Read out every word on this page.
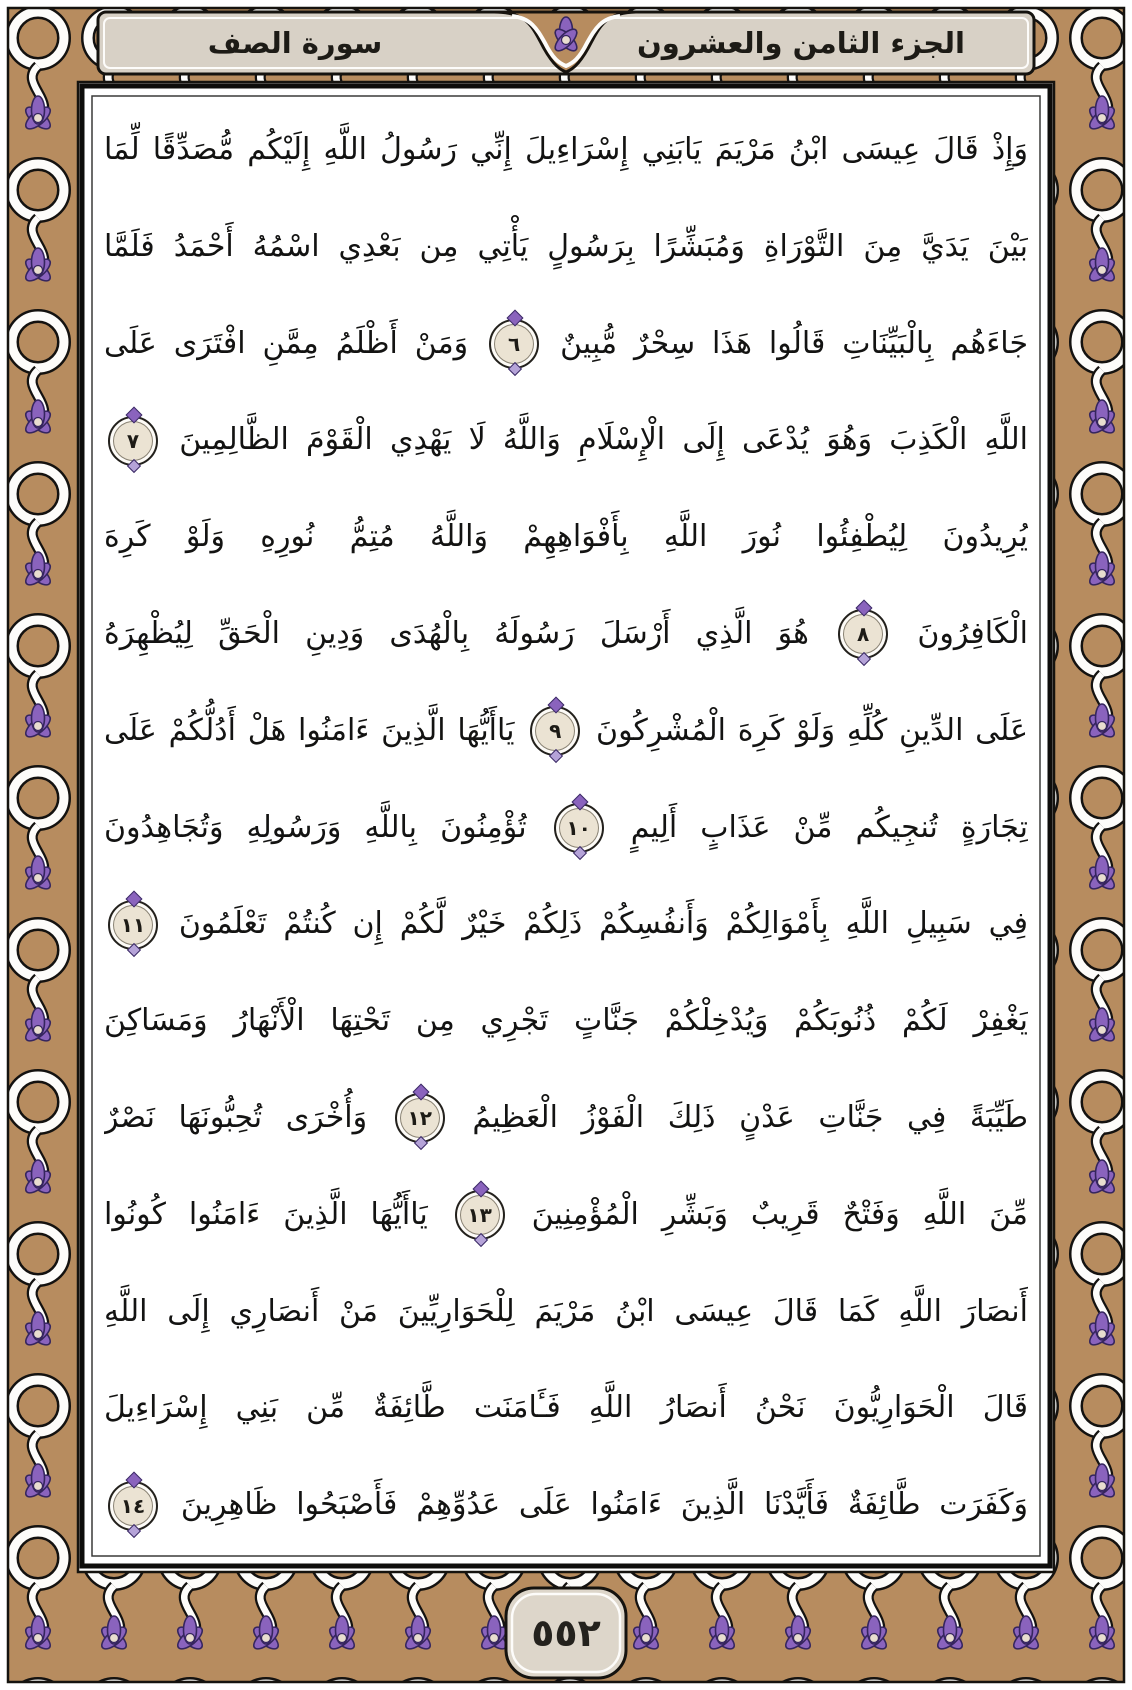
الجزء الثامن والعشرون
سورة الصف
وَإِذْ قَالَ عِيسَى ابْنُ مَرْيَمَ يَابَنِي إِسْرَاءِيلَ إِنِّي رَسُولُ اللَّهِ إِلَيْكُم مُّصَدِّقًا لِّمَا
بَيْنَ يَدَيَّ مِنَ التَّوْرَاةِ وَمُبَشِّرًا بِرَسُولٍ يَأْتِي مِن بَعْدِي اسْمُهُ أَحْمَدُ فَلَمَّا
جَاءَهُم بِالْبَيِّنَاتِ قَالُوا هَذَا سِحْرٌ مُّبِينٌ ٦ وَمَنْ أَظْلَمُ مِمَّنِ افْتَرَى عَلَى
اللَّهِ الْكَذِبَ وَهُوَ يُدْعَى إِلَى الْإِسْلَامِ وَاللَّهُ لَا يَهْدِي الْقَوْمَ الظَّالِمِينَ ٧
يُرِيدُونَ لِيُطْفِئُوا نُورَ اللَّهِ بِأَفْوَاهِهِمْ وَاللَّهُ مُتِمُّ نُورِهِ وَلَوْ كَرِهَ
الْكَافِرُونَ ٨ هُوَ الَّذِي أَرْسَلَ رَسُولَهُ بِالْهُدَى وَدِينِ الْحَقِّ لِيُظْهِرَهُ
عَلَى الدِّينِ كُلِّهِ وَلَوْ كَرِهَ الْمُشْرِكُونَ ٩ يَاأَيُّهَا الَّذِينَ ءَامَنُوا هَلْ أَدُلُّكُمْ عَلَى
تِجَارَةٍ تُنجِيكُم مِّنْ عَذَابٍ أَلِيمٍ ١٠ تُؤْمِنُونَ بِاللَّهِ وَرَسُولِهِ وَتُجَاهِدُونَ
فِي سَبِيلِ اللَّهِ بِأَمْوَالِكُمْ وَأَنفُسِكُمْ ذَلِكُمْ خَيْرٌ لَّكُمْ إِن كُنتُمْ تَعْلَمُونَ ١١
يَغْفِرْ لَكُمْ ذُنُوبَكُمْ وَيُدْخِلْكُمْ جَنَّاتٍ تَجْرِي مِن تَحْتِهَا الْأَنْهَارُ وَمَسَاكِنَ
طَيِّبَةً فِي جَنَّاتِ عَدْنٍ ذَلِكَ الْفَوْزُ الْعَظِيمُ ١٢ وَأُخْرَى تُحِبُّونَهَا نَصْرٌ
مِّنَ اللَّهِ وَفَتْحٌ قَرِيبٌ وَبَشِّرِ الْمُؤْمِنِينَ ١٣ يَاأَيُّهَا الَّذِينَ ءَامَنُوا كُونُوا
أَنصَارَ اللَّهِ كَمَا قَالَ عِيسَى ابْنُ مَرْيَمَ لِلْحَوَارِيِّينَ مَنْ أَنصَارِي إِلَى اللَّهِ
قَالَ الْحَوَارِيُّونَ نَحْنُ أَنصَارُ اللَّهِ فَـَٔامَنَت طَّائِفَةٌ مِّن بَنِي إِسْرَاءِيلَ
وَكَفَرَت طَّائِفَةٌ فَأَيَّدْنَا الَّذِينَ ءَامَنُوا عَلَى عَدُوِّهِمْ فَأَصْبَحُوا ظَاهِرِينَ ١٤
٥٥٢
